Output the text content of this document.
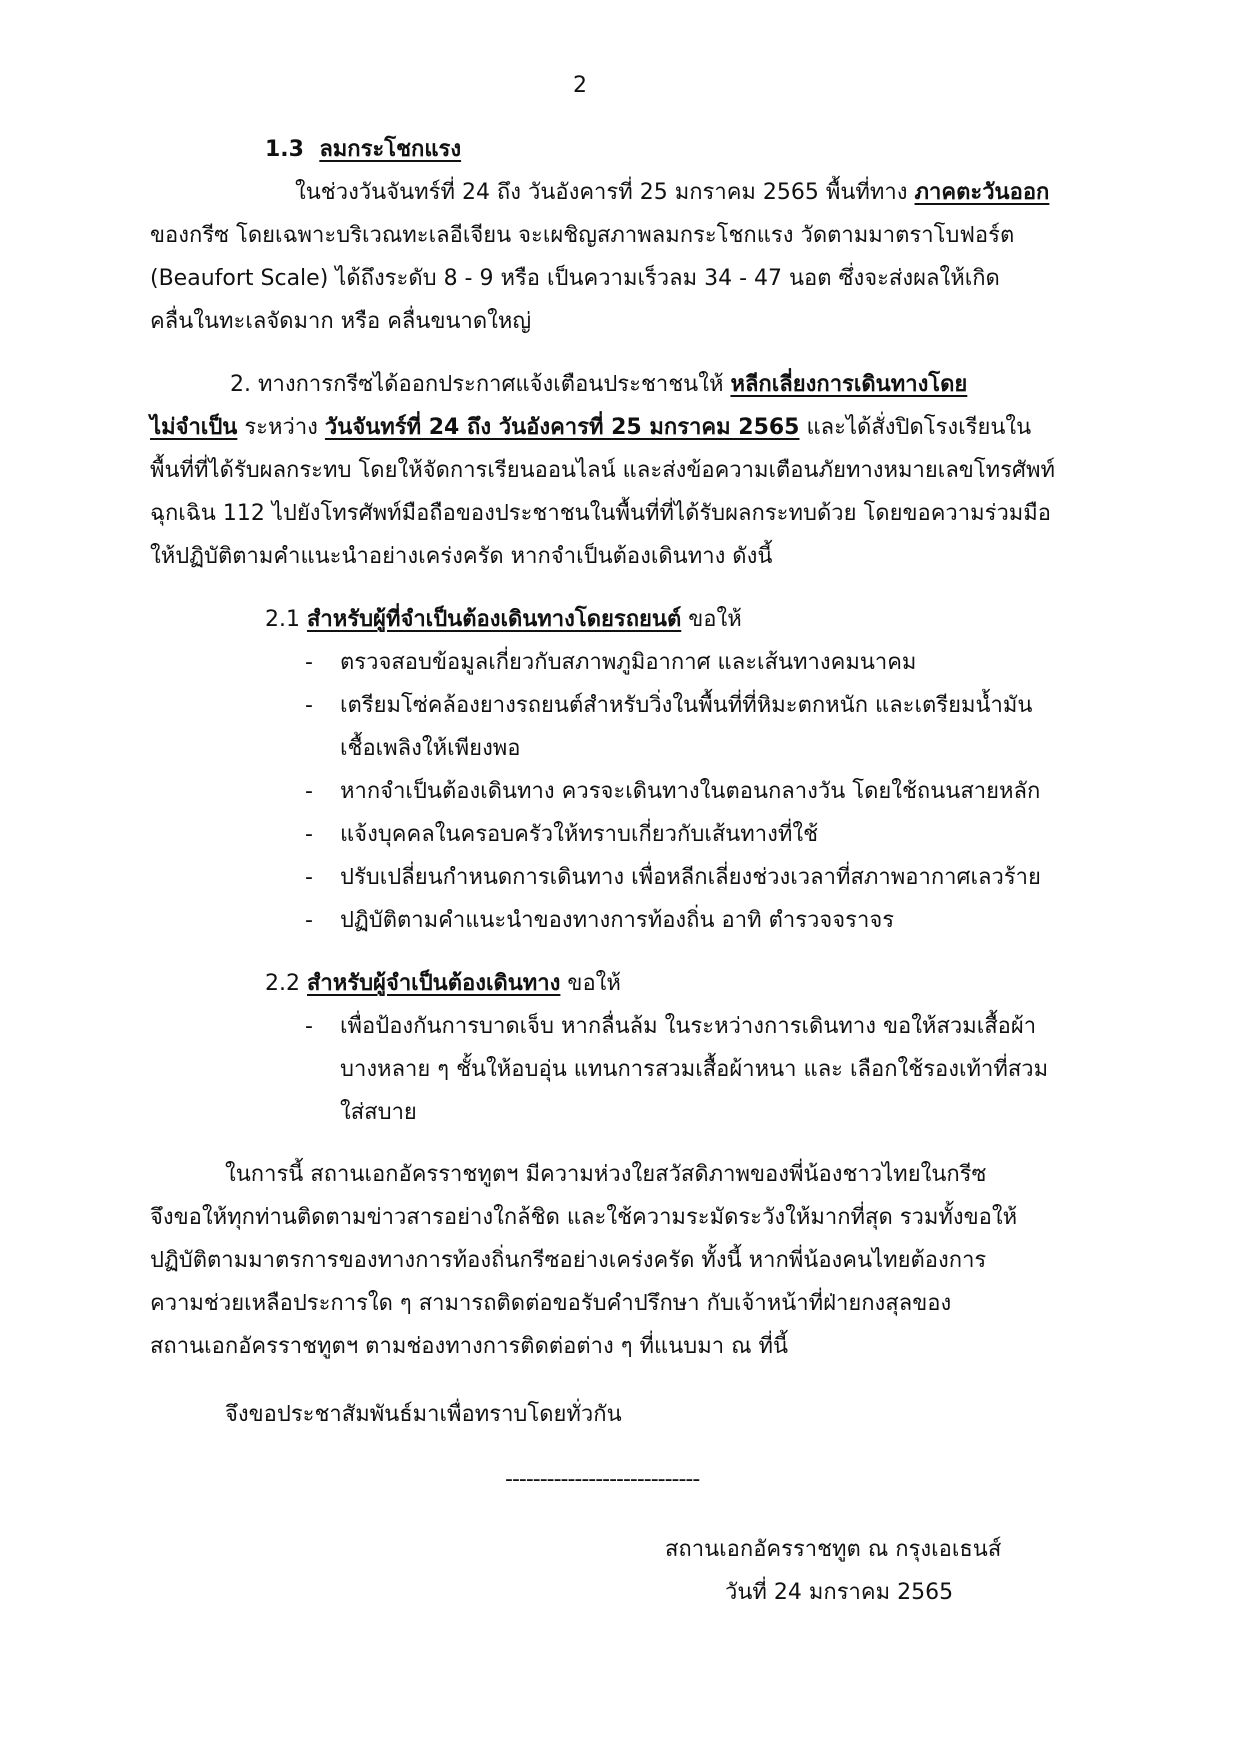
2
1.3 ลมกระโชกแรง
ในช่วงวันจันทร์ที่ 24 ถึง วันอังคารที่ 25 มกราคม 2565 พื้นที่ทาง ภาคตะวันออก
ของกรีซ โดยเฉพาะบริเวณทะเลอีเจียน จะเผชิญสภาพลมกระโชกแรง วัดตามมาตราโบฟอร์ต
(Beaufort Scale) ได้ถึงระดับ 8 - 9 หรือ เป็นความเร็วลม 34 - 47 นอต ซึ่งจะส่งผลให้เกิด
คลื่นในทะเลจัดมาก หรือ คลื่นขนาดใหญ่
2. ทางการกรีซได้ออกประกาศแจ้งเตือนประชาชนให้ หลีกเลี่ยงการเดินทางโดย
ไม่จำเป็น ระหว่าง วันจันทร์ที่ 24 ถึง วันอังคารที่ 25 มกราคม 2565 และได้สั่งปิดโรงเรียนใน
พื้นที่ที่ได้รับผลกระทบ โดยให้จัดการเรียนออนไลน์ และส่งข้อความเตือนภัยทางหมายเลขโทรศัพท์
ฉุกเฉิน 112 ไปยังโทรศัพท์มือถือของประชาชนในพื้นที่ที่ได้รับผลกระทบด้วย โดยขอความร่วมมือ
ให้ปฏิบัติตามคำแนะนำอย่างเคร่งครัด หากจำเป็นต้องเดินทาง ดังนี้
2.1 สำหรับผู้ที่จำเป็นต้องเดินทางโดยรถยนต์ ขอให้
- ตรวจสอบข้อมูลเกี่ยวกับสภาพภูมิอากาศ และเส้นทางคมนาคม
- เตรียมโซ่คล้องยางรถยนต์สำหรับวิ่งในพื้นที่ที่หิมะตกหนัก และเตรียมน้ำมัน
เชื้อเพลิงให้เพียงพอ
- หากจำเป็นต้องเดินทาง ควรจะเดินทางในตอนกลางวัน โดยใช้ถนนสายหลัก
- แจ้งบุคคลในครอบครัวให้ทราบเกี่ยวกับเส้นทางที่ใช้
- ปรับเปลี่ยนกำหนดการเดินทาง เพื่อหลีกเลี่ยงช่วงเวลาที่สภาพอากาศเลวร้าย
- ปฏิบัติตามคำแนะนำของทางการท้องถิ่น อาทิ ตำรวจจราจร
2.2 สำหรับผู้จำเป็นต้องเดินทาง ขอให้
- เพื่อป้องกันการบาดเจ็บ หากลื่นล้ม ในระหว่างการเดินทาง ขอให้สวมเสื้อผ้า
บางหลาย ๆ ชั้นให้อบอุ่น แทนการสวมเสื้อผ้าหนา และ เลือกใช้รองเท้าที่สวม
ใส่สบาย
ในการนี้ สถานเอกอัครราชทูตฯ มีความห่วงใยสวัสดิภาพของพี่น้องชาวไทยในกรีซ
จึงขอให้ทุกท่านติดตามข่าวสารอย่างใกล้ชิด และใช้ความระมัดระวังให้มากที่สุด รวมทั้งขอให้
ปฏิบัติตามมาตรการของทางการท้องถิ่นกรีซอย่างเคร่งครัด ทั้งนี้ หากพี่น้องคนไทยต้องการ
ความช่วยเหลือประการใด ๆ สามารถติดต่อขอรับคำปรึกษา กับเจ้าหน้าที่ฝ่ายกงสุลของ
สถานเอกอัครราชทูตฯ ตามช่องทางการติดต่อต่าง ๆ ที่แนบมา ณ ที่นี้
จึงขอประชาสัมพันธ์มาเพื่อทราบโดยทั่วกัน
----------------------------
สถานเอกอัครราชทูต ณ กรุงเอเธนส์
วันที่ 24 มกราคม 2565
